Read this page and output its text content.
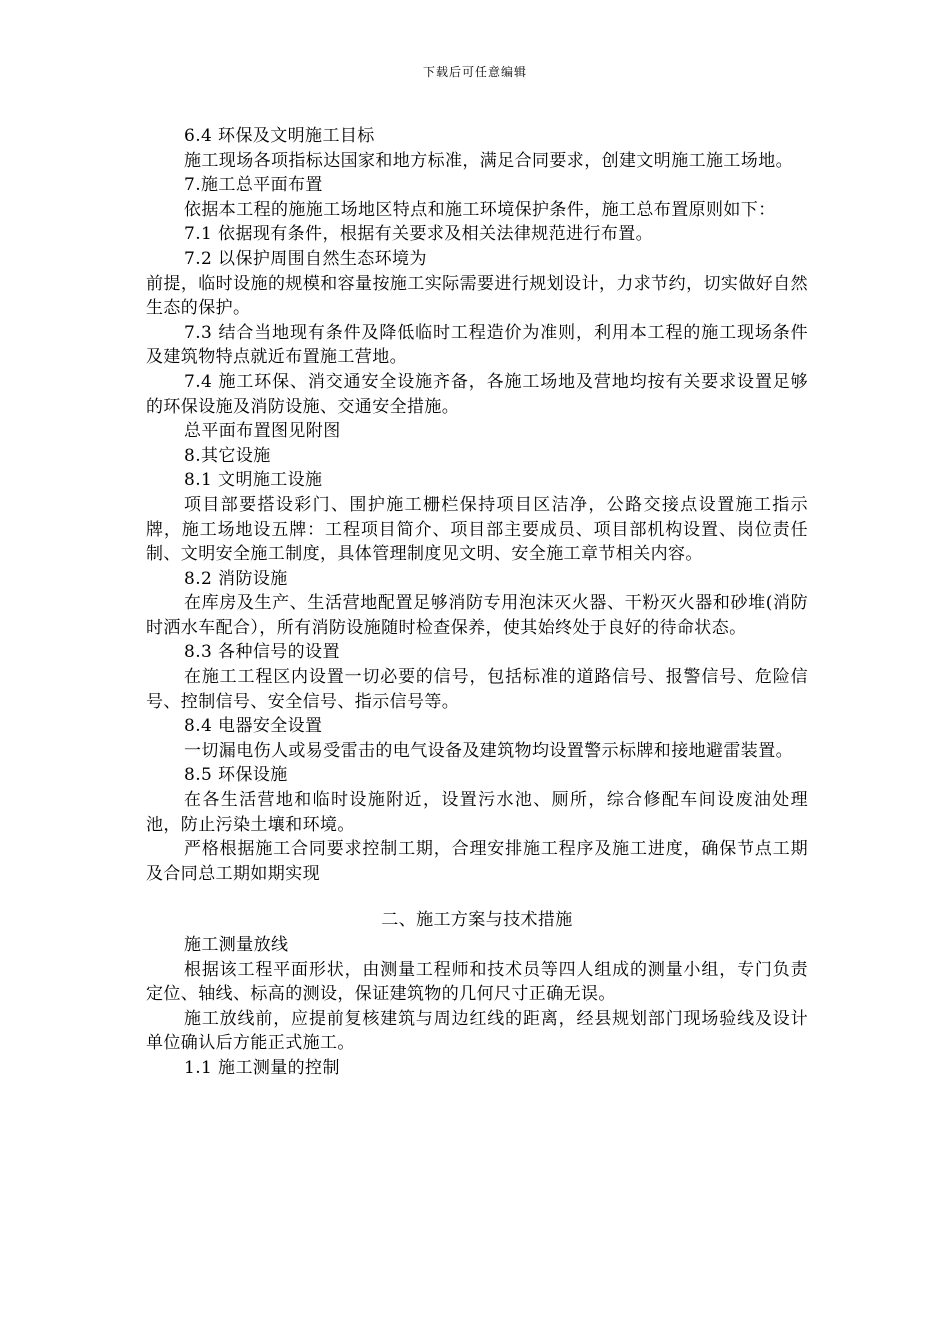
下载后可任意编辑

6.4 环保及文明施工目标

施工现场各项指标达国家和地方标准，满足合同要求，创建文明施工施工场地。

7.施工总平面布置

依据本工程的施施工场地区特点和施工环境保护条件，施工总布置原则如下：

7.1 依据现有条件，根据有关要求及相关法律规范进行布置。

7.2 以保护周围自然生态环境为

前提，临时设施的规模和容量按施工实际需要进行规划设计，力求节约，切实做好自然生态的保护。

7.3 结合当地现有条件及降低临时工程造价为准则，利用本工程的施工现场条件及建筑物特点就近布置施工营地。

7.4 施工环保、消交通安全设施齐备，各施工场地及营地均按有关要求设置足够的环保设施及消防设施、交通安全措施。

总平面布置图见附图

8.其它设施

8.1 文明施工设施

项目部要搭设彩门、围护施工栅栏保持项目区洁净，公路交接点设置施工指示牌，施工场地设五牌：工程项目简介、项目部主要成员、项目部机构设置、岗位责任制、文明安全施工制度，具体管理制度见文明、安全施工章节相关内容。

8.2 消防设施

在库房及生产、生活营地配置足够消防专用泡沫灭火器、干粉灭火器和砂堆(消防时洒水车配合），所有消防设施随时检查保养，使其始终处于良好的待命状态。

8.3 各种信号的设置

在施工工程区内设置一切必要的信号，包括标准的道路信号、报警信号、危险信号、控制信号、安全信号、指示信号等。

8.4 电器安全设置

一切漏电伤人或易受雷击的电气设备及建筑物均设置警示标牌和接地避雷装置。

8.5 环保设施

在各生活营地和临时设施附近，设置污水池、厕所，综合修配车间设废油处理池，防止污染土壤和环境。

严格根据施工合同要求控制工期，合理安排施工程序及施工进度，确保节点工期及合同总工期如期实现

二、施工方案与技术措施

施工测量放线

根据该工程平面形状，由测量工程师和技术员等四人组成的测量小组，专门负责定位、轴线、标高的测设，保证建筑物的几何尺寸正确无误。

施工放线前，应提前复核建筑与周边红线的距离，经县规划部门现场验线及设计单位确认后方能正式施工。

1.1 施工测量的控制
